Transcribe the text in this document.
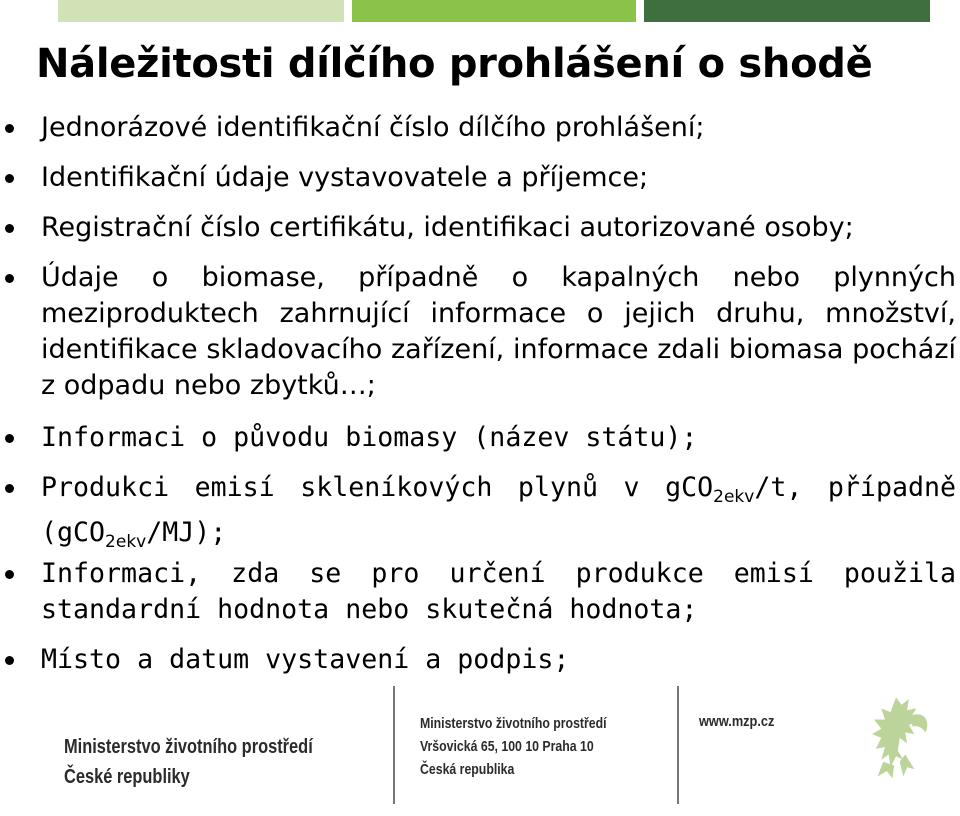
Náležitosti dílčího prohlášení o shodě
Jednorázové identifikační číslo dílčího prohlášení;
Identifikační údaje vystavovatele a příjemce;
Registrační číslo certifikátu, identifikaci autorizované osoby;
Údaje o biomase, případně o kapalných nebo plynných meziproduktech zahrnující informace o jejich druhu, množství, identifikace skladovacího zařízení, informace zdali biomasa pochází z odpadu nebo zbytků…;
Informaci o původu biomasy (název státu);
Produkci emisí skleníkových plynů v gCO$_{2ekv}$/t, případně (gCO$_{2ekv}$/MJ);
Informaci, zda se pro určení produkce emisí použila standardní hodnota nebo skutečná hodnota;
Místo a datum vystavení a podpis;
Ministerstvo životního prostředí
České republiky
Ministerstvo životního prostředí
Vršovická 65, 100 10 Praha 10
Česká republika
www.mzp.cz
